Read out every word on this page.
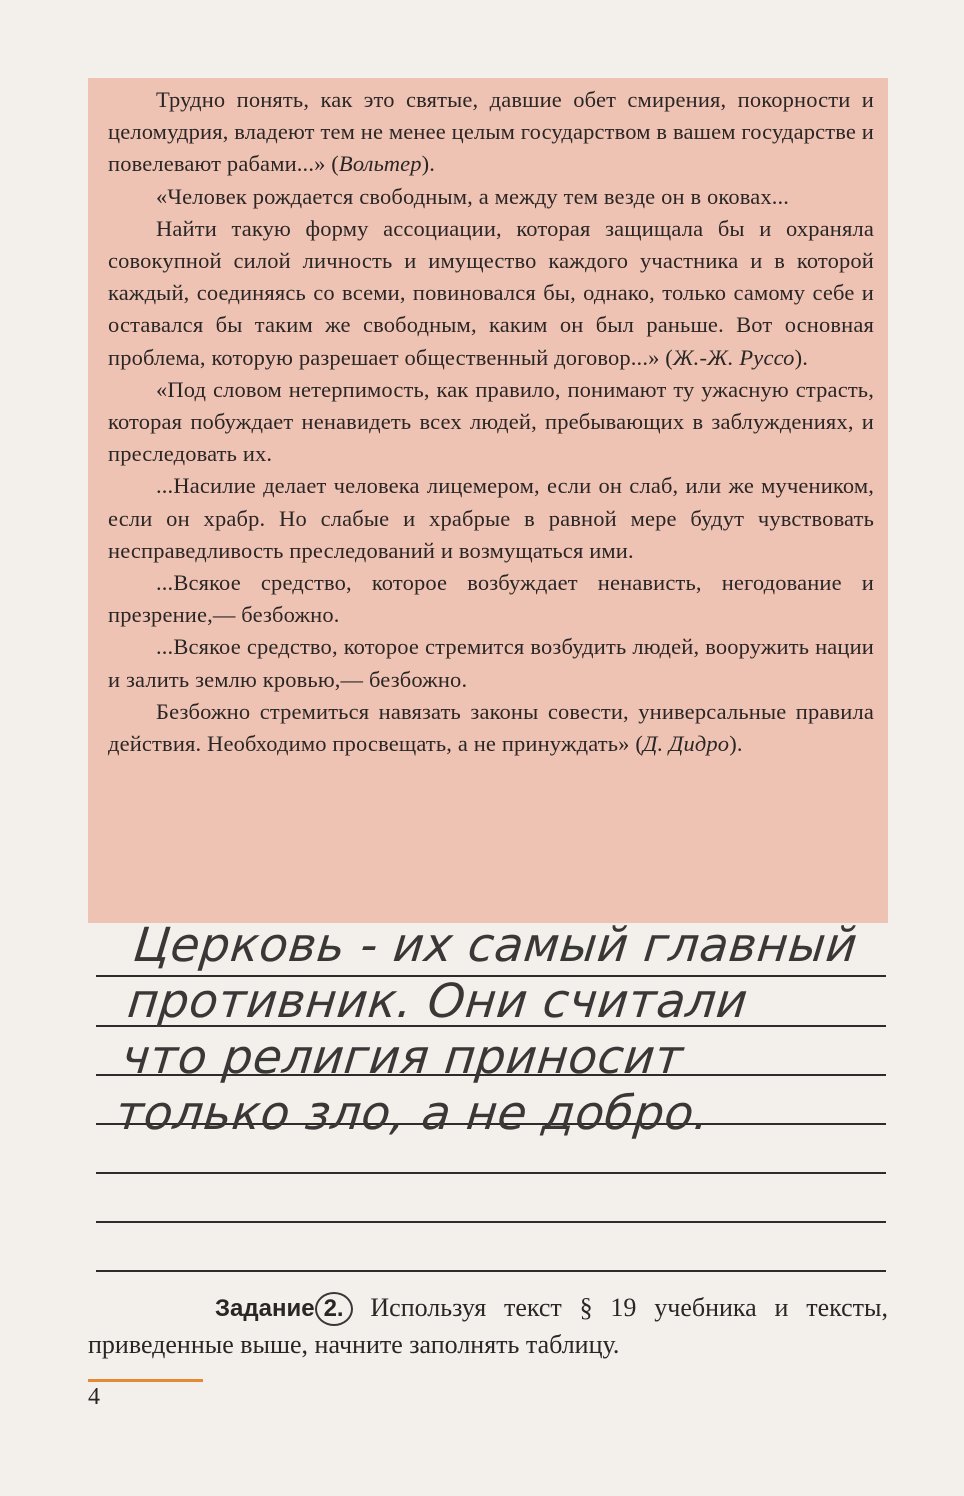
Трудно понять, как это святые, давшие обет смирения, покорности и целомудрия, владеют тем не менее целым государством в вашем государстве и повелевают рабами...» (Вольтер).

«Человек рождается свободным, а между тем везде он в оковах...

Найти такую форму ассоциации, которая защищала бы и охраняла совокупной силой личность и имущество каждого участника и в которой каждый, соединяясь со всеми, повиновался бы, однако, только самому себе и оставался бы таким же свободным, каким он был раньше. Вот основная проблема, которую разрешает общественный договор...» (Ж.-Ж. Руссо).

«Под словом нетерпимость, как правило, понимают ту ужасную страсть, которая побуждает ненавидеть всех людей, пребывающих в заблуждениях, и преследовать их.

...Насилие делает человека лицемером, если он слаб, или же мучеником, если он храбр. Но слабые и храбрые в равной мере будут чувствовать несправедливость преследований и возмущаться ими.

...Всякое средство, которое возбуждает ненависть, негодование и презрение,— безбожно.

...Всякое средство, которое стремится возбудить людей, вооружить нации и залить землю кровью,— безбожно.

Безбожно стремиться навязать законы совести, универсальные правила действия. Необходимо просвещать, а не принуждать» (Д. Дидро).

Церковь - их самый главный
противник. Они считали
что религия приносит
только зло, а не добро.
Задание 2. Используя текст § 19 учебника и тексты, приведенные выше, начните заполнять таблицу.
4
